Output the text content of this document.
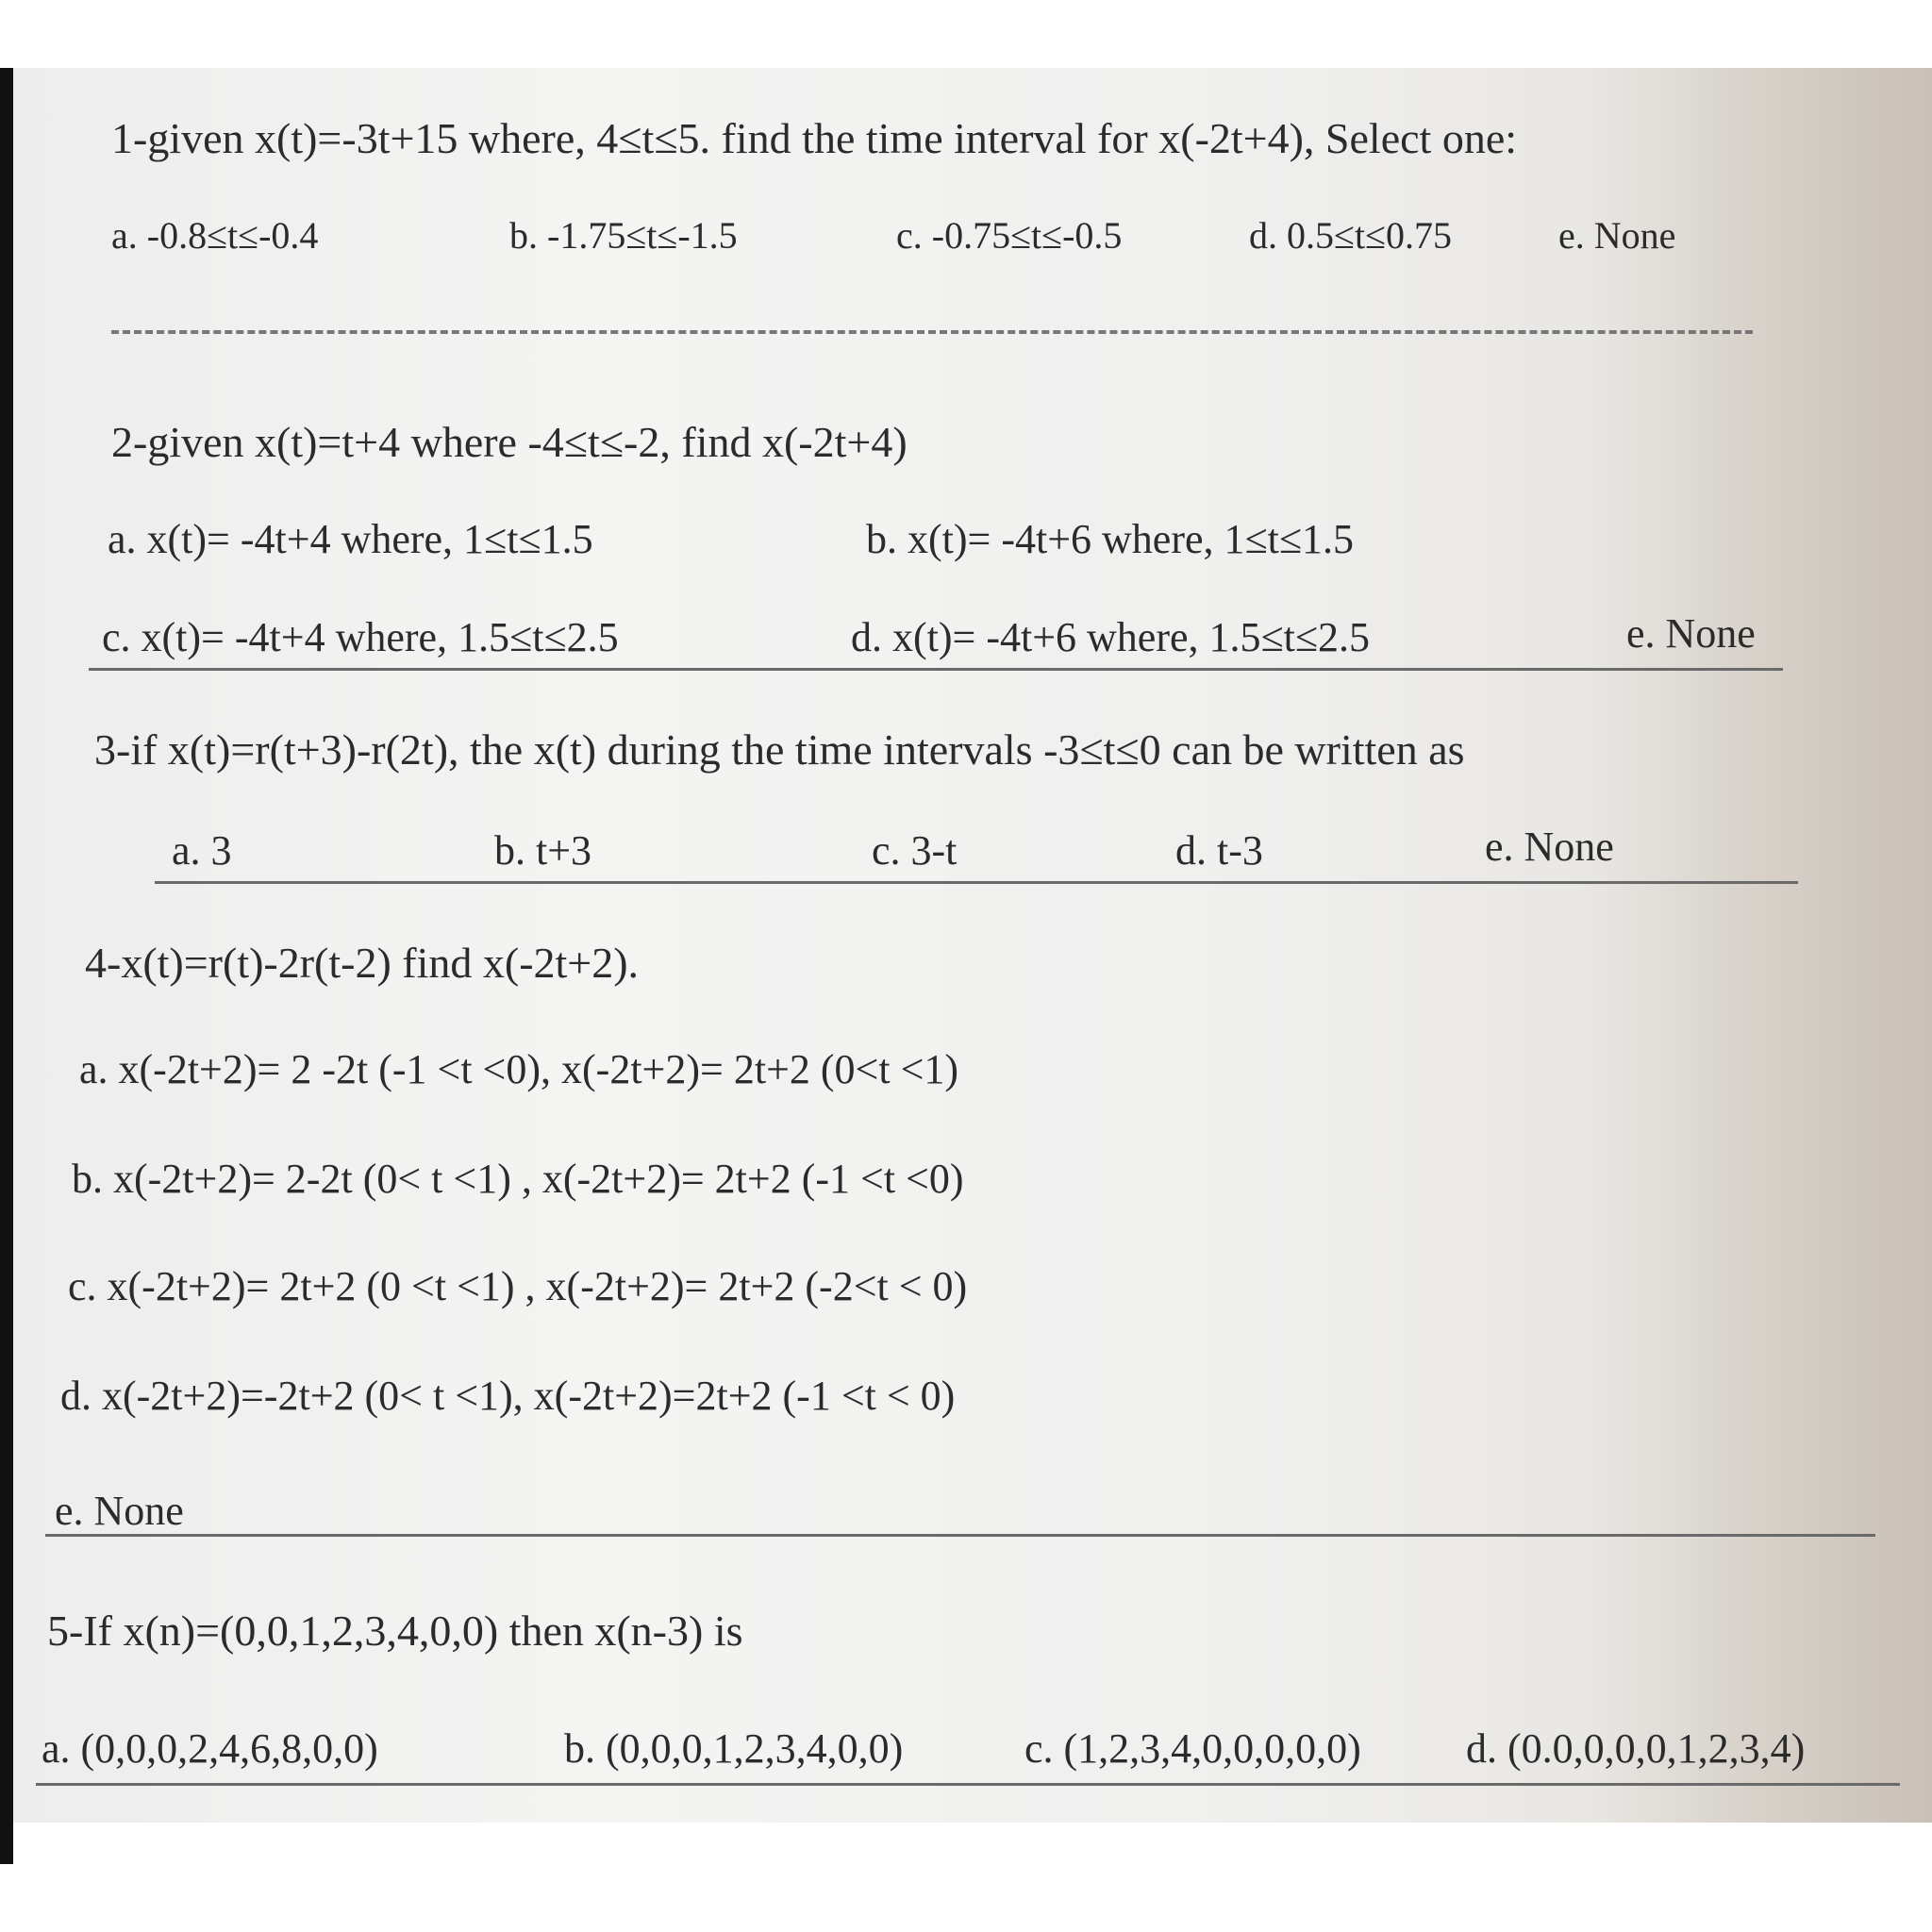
1-given x(t)=-3t+15 where, 4≤t≤5. find the time interval for x(-2t+4), Select one:
a. -0.8≤t≤-0.4	b. -1.75≤t≤-1.5	c. -0.75≤t≤-0.5	d. 0.5≤t≤0.75	e. None
2-given x(t)=t+4 where -4≤t≤-2, find x(-2t+4)
a. x(t)= -4t+4 where, 1≤t≤1.5	b. x(t)= -4t+6 where, 1≤t≤1.5
c. x(t)= -4t+4 where, 1.5≤t≤2.5	d. x(t)= -4t+6 where, 1.5≤t≤2.5	e. None
3-if x(t)=r(t+3)-r(2t), the x(t) during the time intervals -3≤t≤0 can be written as
a. 3	b. t+3	c. 3-t	d. t-3	e. None
4-x(t)=r(t)-2r(t-2) find x(-2t+2).
a. x(-2t+2)= 2 -2t (-1 <t <0), x(-2t+2)= 2t+2 (0<t <1)
b. x(-2t+2)= 2-2t (0< t <1) , x(-2t+2)= 2t+2 (-1 <t <0)
c. x(-2t+2)= 2t+2 (0 <t <1) , x(-2t+2)= 2t+2 (-2<t < 0)
d. x(-2t+2)=-2t+2 (0< t <1), x(-2t+2)=2t+2 (-1 <t < 0)
e. None
5-If x(n)=(0,0,1,2,3,4,0,0) then x(n-3) is
a. (0,0,0,2,4,6,8,0,0)	b. (0,0,0,1,2,3,4,0,0)	c. (1,2,3,4,0,0,0,0,0)	d. (0.0,0,0,0,1,2,3,4)
